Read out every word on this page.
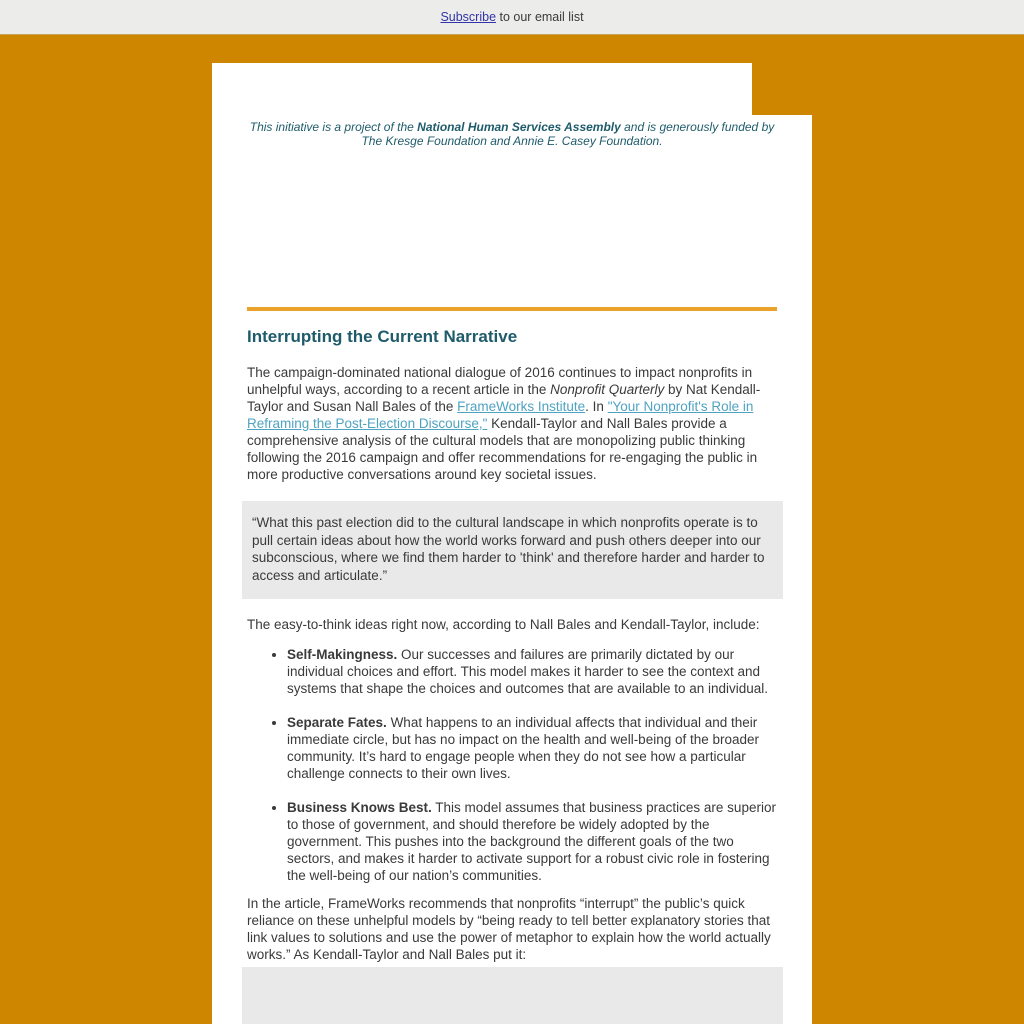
Subscribe to our email list
This initiative is a project of the National Human Services Assembly and is generously funded by The Kresge Foundation and Annie E. Casey Foundation.
Interrupting the Current Narrative

The campaign-dominated national dialogue of 2016 continues to impact nonprofits in unhelpful ways, according to a recent article in the Nonprofit Quarterly by Nat Kendall-Taylor and Susan Nall Bales of the FrameWorks Institute. In "Your Nonprofit's Role in Reframing the Post-Election Discourse," Kendall-Taylor and Nall Bales provide a comprehensive analysis of the cultural models that are monopolizing public thinking following the 2016 campaign and offer recommendations for re-engaging the public in more productive conversations around key societal issues.

“What this past election did to the cultural landscape in which nonprofits operate is to pull certain ideas about how the world works forward and push others deeper into our subconscious, where we find them harder to 'think' and therefore harder and harder to access and articulate.”

The easy-to-think ideas right now, according to Nall Bales and Kendall-Taylor, include:

• Self-Makingness. Our successes and failures are primarily dictated by our individual choices and effort. This model makes it harder to see the context and systems that shape the choices and outcomes that are available to an individual.
• Separate Fates. What happens to an individual affects that individual and their immediate circle, but has no impact on the health and well-being of the broader community. It’s hard to engage people when they do not see how a particular challenge connects to their own lives.
• Business Knows Best. This model assumes that business practices are superior to those of government, and should therefore be widely adopted by the government. This pushes into the background the different goals of the two sectors, and makes it harder to activate support for a robust civic role in fostering the well-being of our nation’s communities.

In the article, FrameWorks recommends that nonprofits “interrupt” the public’s quick reliance on these unhelpful models by “being ready to tell better explanatory stories that link values to solutions and use the power of metaphor to explain how the world actually works.” As Kendall-Taylor and Nall Bales put it:
